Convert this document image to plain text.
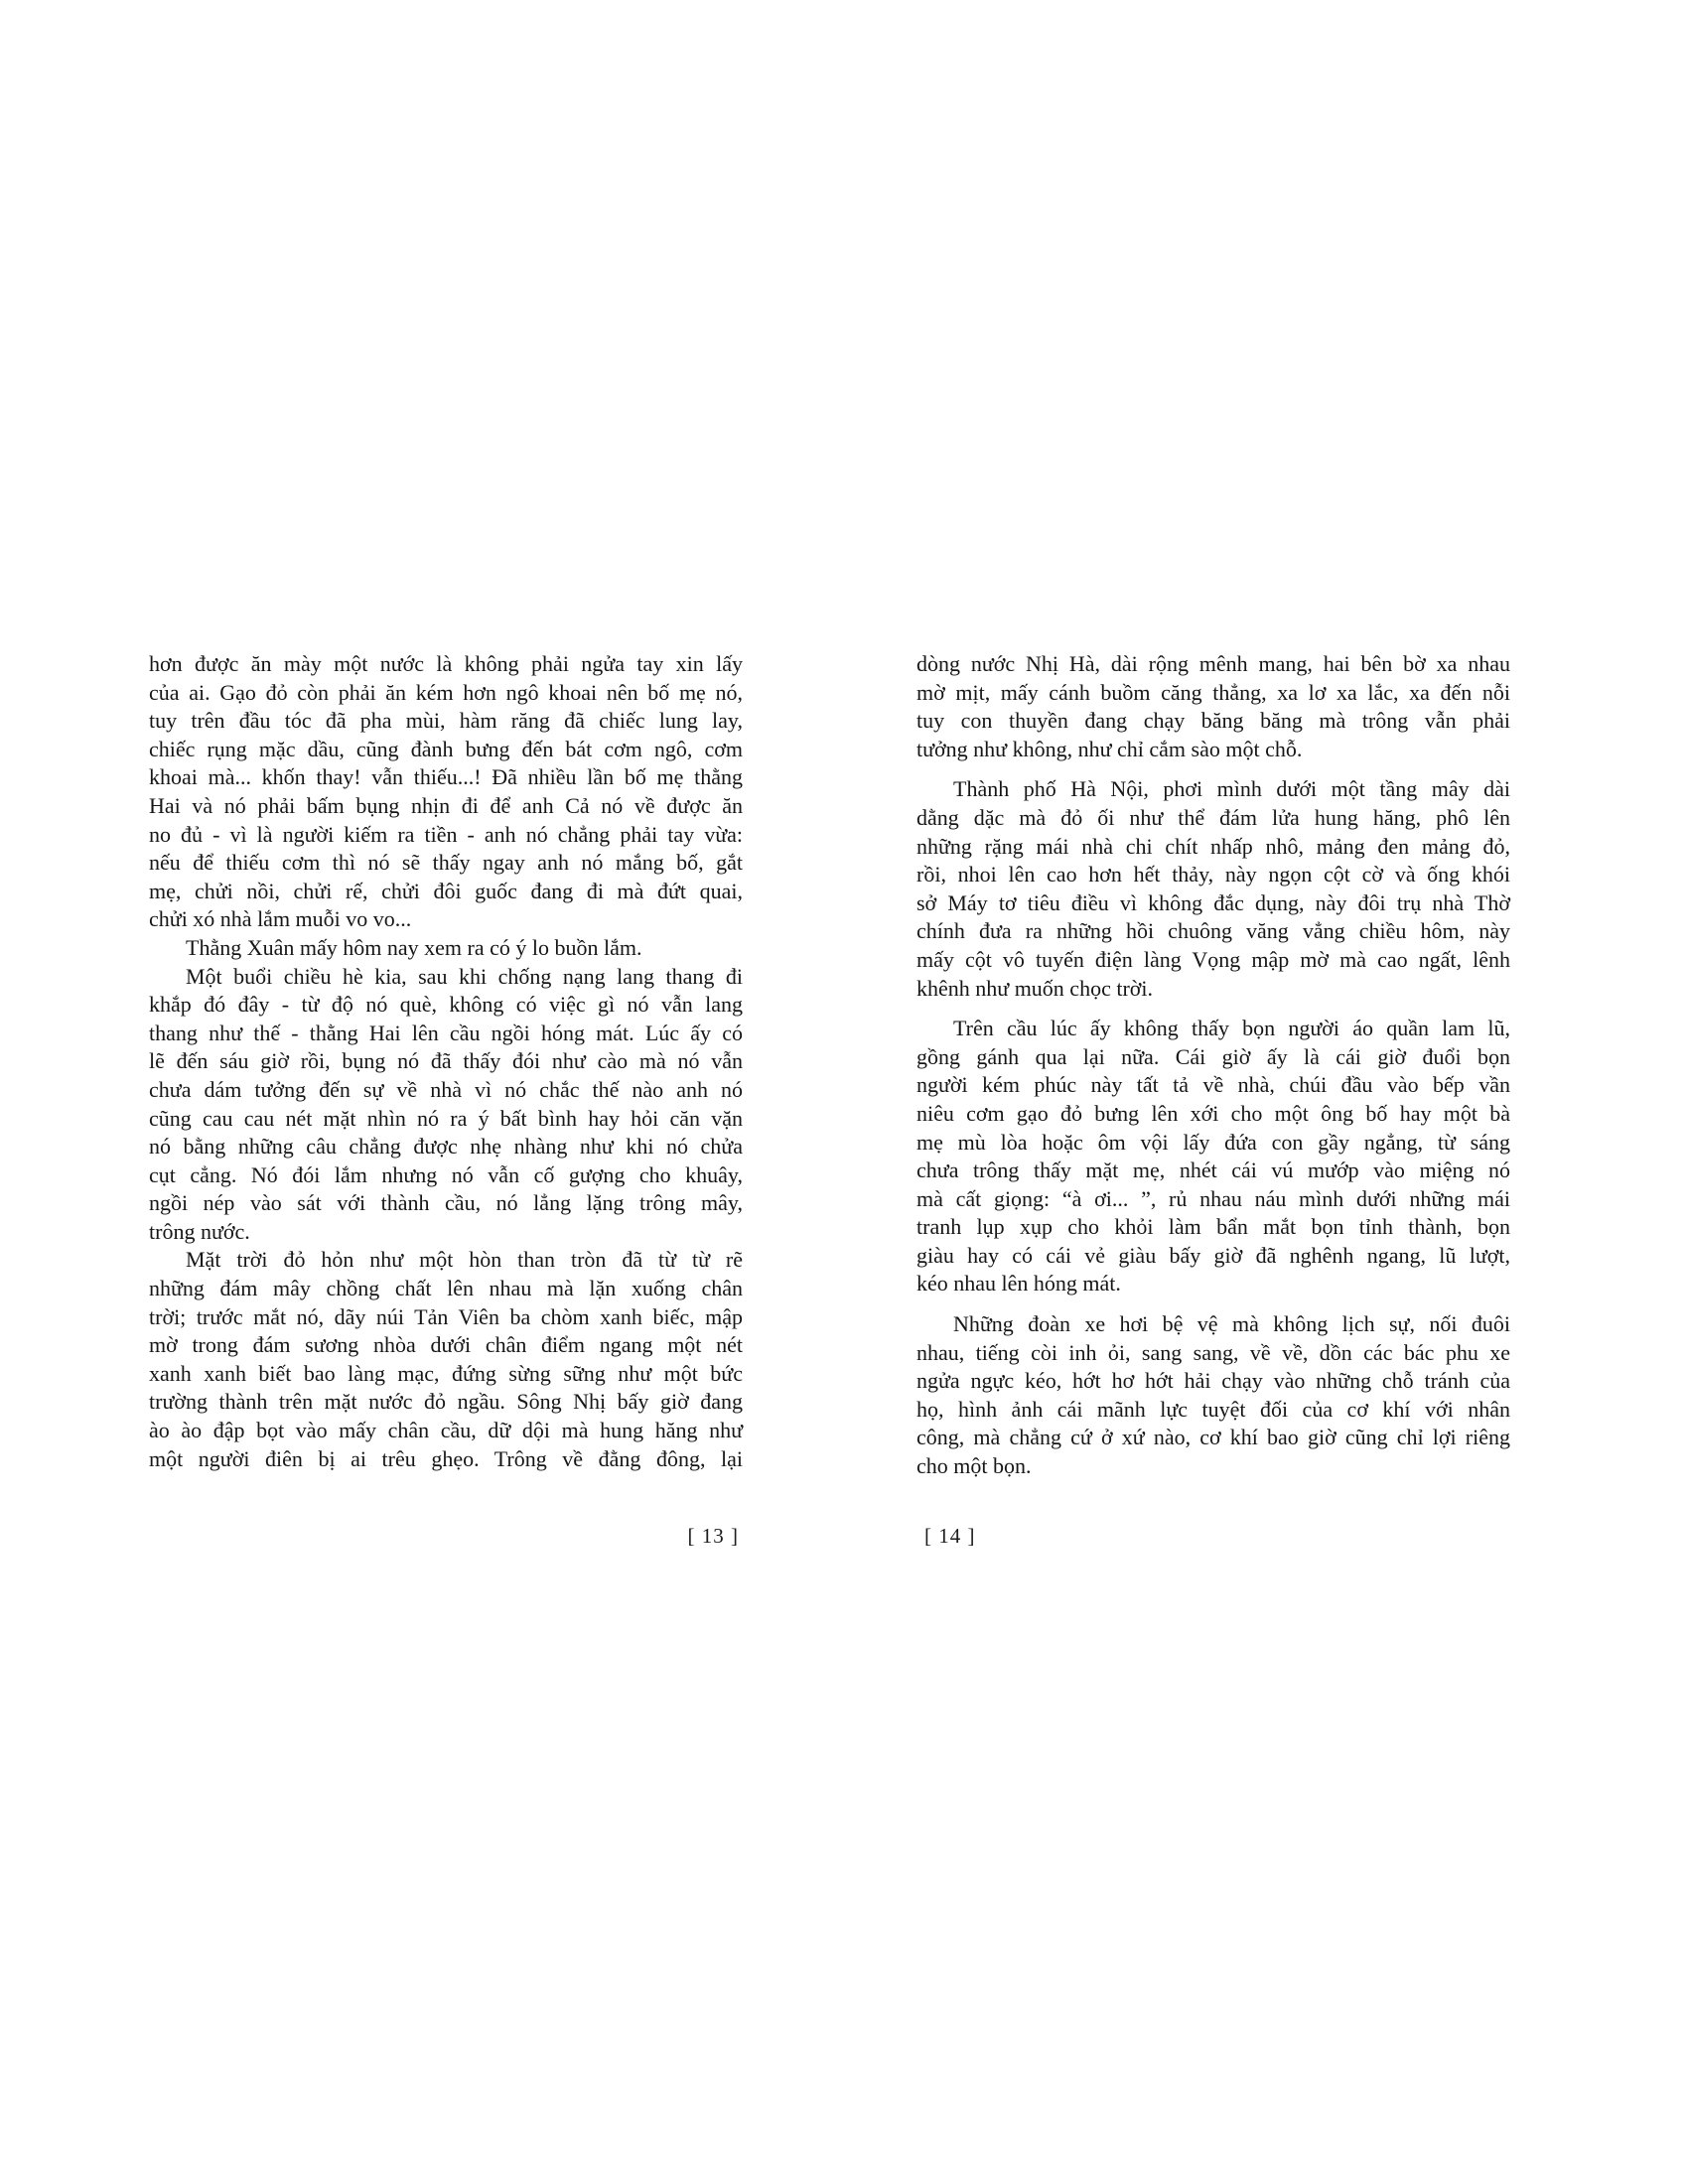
hơn được ăn mày một nước là không phải ngửa tay xin lấy
của ai. Gạo đỏ còn phải ăn kém hơn ngô khoai nên bố mẹ nó,
tuy trên đầu tóc đã pha mùi, hàm răng đã chiếc lung lay,
chiếc rụng mặc dầu, cũng đành bưng đến bát cơm ngô, cơm
khoai mà... khốn thay! vẫn thiếu...! Đã nhiều lần bố mẹ thằng
Hai và nó phải bấm bụng nhịn đi để anh Cả nó về được ăn
no đủ - vì là người kiếm ra tiền - anh nó chẳng phải tay vừa:
nếu để thiếu cơm thì nó sẽ thấy ngay anh nó mắng bố, gắt
mẹ, chửi nồi, chửi rế, chửi đôi guốc đang đi mà đứt quai,
chửi xó nhà lắm muỗi vo vo...
Thằng Xuân mấy hôm nay xem ra có ý lo buồn lắm.
Một buổi chiều hè kia, sau khi chống nạng lang thang đi
khắp đó đây - từ độ nó què, không có việc gì nó vẫn lang
thang như thế - thằng Hai lên cầu ngồi hóng mát. Lúc ấy có
lẽ đến sáu giờ rồi, bụng nó đã thấy đói như cào mà nó vẫn
chưa dám tưởng đến sự về nhà vì nó chắc thế nào anh nó
cũng cau cau nét mặt nhìn nó ra ý bất bình hay hỏi căn vặn
nó bằng những câu chẳng được nhẹ nhàng như khi nó chửa
cụt cẳng. Nó đói lắm nhưng nó vẫn cố gượng cho khuây,
ngồi nép vào sát với thành cầu, nó lẳng lặng trông mây,
trông nước.
Mặt trời đỏ hỏn như một hòn than tròn đã từ từ rẽ
những đám mây chồng chất lên nhau mà lặn xuống chân
trời; trước mắt nó, dãy núi Tản Viên ba chòm xanh biếc, mập
mờ trong đám sương nhòa dưới chân điểm ngang một nét
xanh xanh biết bao làng mạc, đứng sừng sững như một bức
trường thành trên mặt nước đỏ ngầu. Sông Nhị bấy giờ đang
ào ào đập bọt vào mấy chân cầu, dữ dội mà hung hăng như
một người điên bị ai trêu ghẹo. Trông về đằng đông, lại
dòng nước Nhị Hà, dài rộng mênh mang, hai bên bờ xa nhau
mờ mịt, mấy cánh buồm căng thẳng, xa lơ xa lắc, xa đến nỗi
tuy con thuyền đang chạy băng băng mà trông vẫn phải
tưởng như không, như chỉ cắm sào một chỗ.
Thành phố Hà Nội, phơi mình dưới một tầng mây dài
dằng dặc mà đỏ ối như thể đám lửa hung hăng, phô lên
những rặng mái nhà chi chít nhấp nhô, mảng đen mảng đỏ,
rồi, nhoi lên cao hơn hết thảy, này ngọn cột cờ và ống khói
sở Máy tơ tiêu điều vì không đắc dụng, này đôi trụ nhà Thờ
chính đưa ra những hồi chuông văng vẳng chiều hôm, này
mấy cột vô tuyến điện làng Vọng mập mờ mà cao ngất, lênh
khênh như muốn chọc trời.
Trên cầu lúc ấy không thấy bọn người áo quần lam lũ,
gồng gánh qua lại nữa. Cái giờ ấy là cái giờ đuổi bọn
người kém phúc này tất tả về nhà, chúi đầu vào bếp vần
niêu cơm gạo đỏ bưng lên xới cho một ông bố hay một bà
mẹ mù lòa hoặc ôm vội lấy đứa con gầy ngẳng, từ sáng
chưa trông thấy mặt mẹ, nhét cái vú mướp vào miệng nó
mà cất giọng: “à ơi... ”, rủ nhau náu mình dưới những mái
tranh lụp xụp cho khỏi làm bẩn mắt bọn tỉnh thành, bọn
giàu hay có cái vẻ giàu bấy giờ đã nghênh ngang, lũ lượt,
kéo nhau lên hóng mát.
Những đoàn xe hơi bệ vệ mà không lịch sự, nối đuôi
nhau, tiếng còi inh ỏi, sang sang, về về, dồn các bác phu xe
ngửa ngực kéo, hớt hơ hớt hải chạy vào những chỗ tránh của
họ, hình ảnh cái mãnh lực tuyệt đối của cơ khí với nhân
công, mà chẳng cứ ở xứ nào, cơ khí bao giờ cũng chỉ lợi riêng
cho một bọn.
[ 13 ]	[ 14 ]
